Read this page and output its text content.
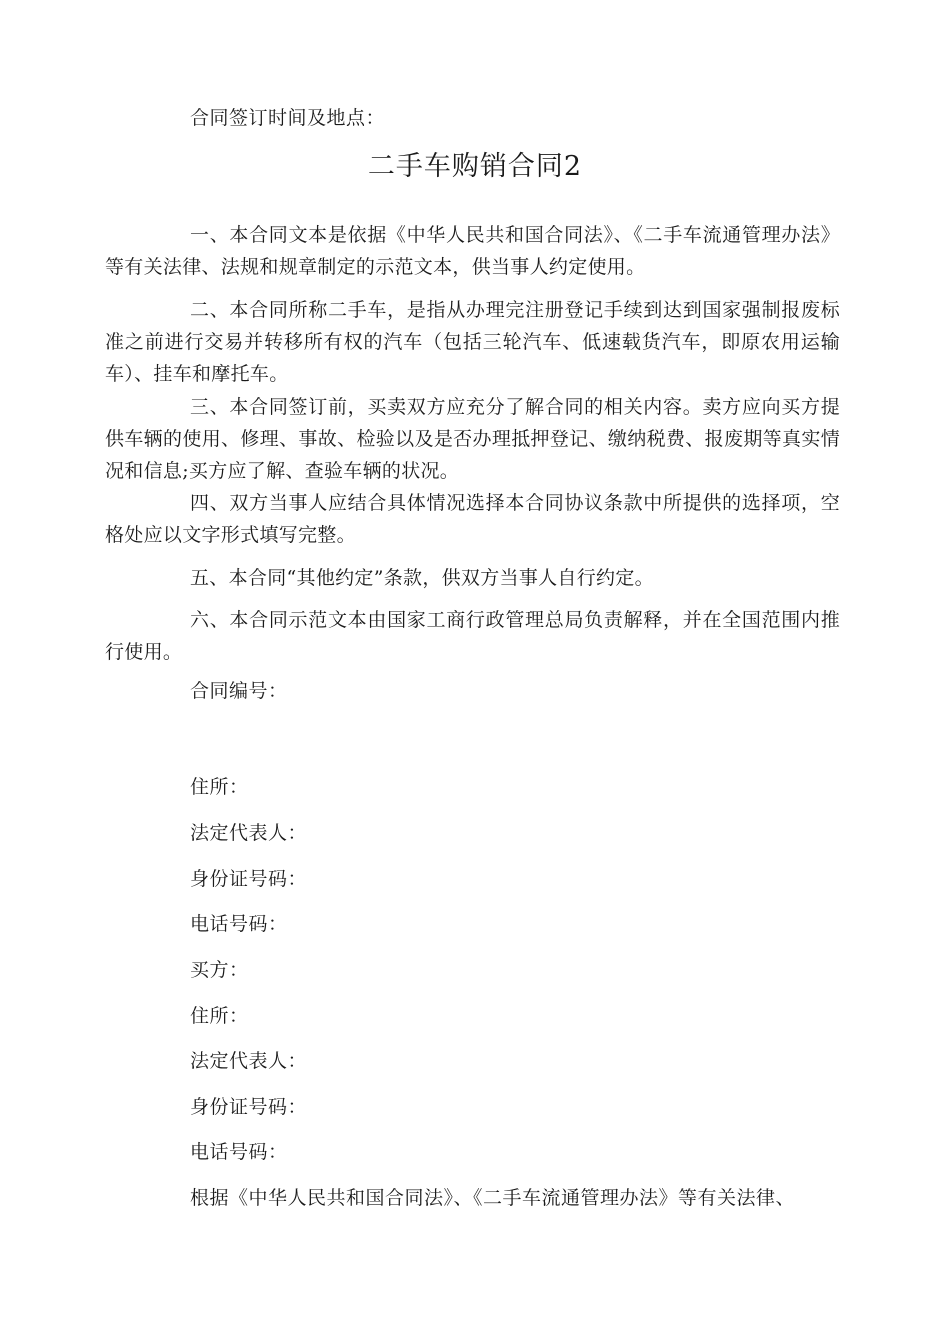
合同签订时间及地点：
二手车购销合同2
一、本合同文本是依据《中华人民共和国合同法》、《二手车流通管理办法》等有关法律、法规和规章制定的示范文本，供当事人约定使用。
二、本合同所称二手车，是指从办理完注册登记手续到达到国家强制报废标准之前进行交易并转移所有权的汽车（包括三轮汽车、低速载货汽车，即原农用运输车）、挂车和摩托车。
三、本合同签订前，买卖双方应充分了解合同的相关内容。卖方应向买方提供车辆的使用、修理、事故、检验以及是否办理抵押登记、缴纳税费、报废期等真实情况和信息;买方应了解、查验车辆的状况。
四、双方当事人应结合具体情况选择本合同协议条款中所提供的选择项，空格处应以文字形式填写完整。
五、本合同“其他约定”条款，供双方当事人自行约定。
六、本合同示范文本由国家工商行政管理总局负责解释，并在全国范围内推行使用。
合同编号：
住所：
法定代表人：
身份证号码：
电话号码：
买方：
住所：
法定代表人：
身份证号码：
电话号码：
根据《中华人民共和国合同法》、《二手车流通管理办法》等有关法律、
